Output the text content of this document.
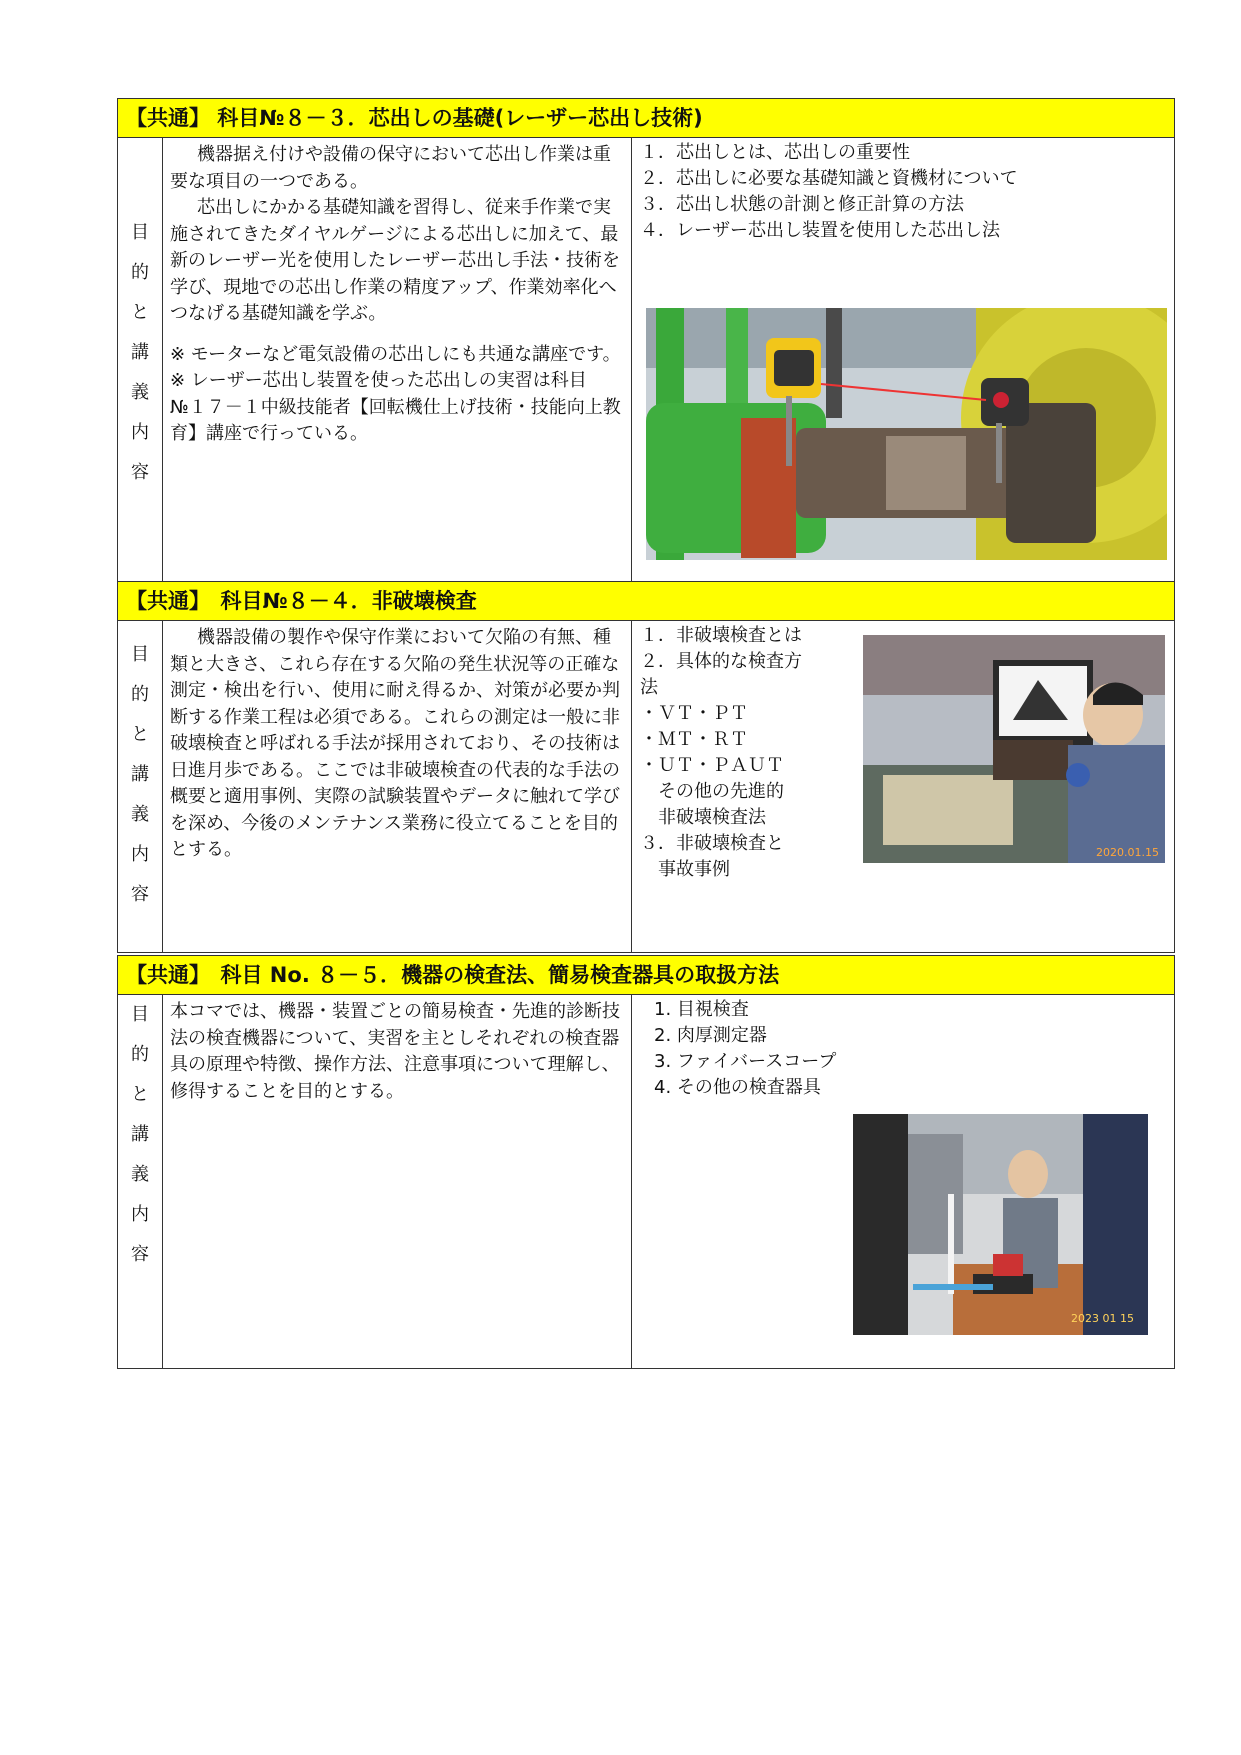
【共通】 科目№８－３．芯出しの基礎(レーザー芯出し技術)
目
的
と
講
義
内
容

機器据え付けや設備の保守において芯出し作業は重要な項目の一つである。

芯出しにかかる基礎知識を習得し、従来手作業で実施されてきたダイヤルゲージによる芯出しに加えて、最新のレーザー光を使用したレーザー芯出し手法・技術を学び、現地での芯出し作業の精度アップ、作業効率化へつなげる基礎知識を学ぶ。

※ モーターなど電気設備の芯出しにも共通な講座です。

※ レーザー芯出し装置を使った芯出しの実習は科目№１７－１中級技能者【回転機仕上げ技術・技能向上教育】講座で行っている。

１．芯出しとは、芯出しの重要性
２．芯出しに必要な基礎知識と資機材について
３．芯出し状態の計測と修正計算の方法
４．レーザー芯出し装置を使用した芯出し法
【共通】　科目№８－４．非破壊検査
目
的
と
講
義
内
容

機器設備の製作や保守作業において欠陥の有無、種類と大きさ、これら存在する欠陥の発生状況等の正確な測定・検出を行い、使用に耐え得るか、対策が必要か判断する作業工程は必須である。これらの測定は一般に非破壊検査と呼ばれる手法が採用されており、その技術は日進月歩である。ここでは非破壊検査の代表的な手法の概要と適用事例、実際の試験装置やデータに触れて学びを深め、今後のメンテナンス業務に役立てることを目的とする。

１．非破壊検査とは
２．具体的な検査方
法
・ＶＴ・ＰＴ
・ＭＴ・ＲＴ
・ＵＴ・ＰＡＵＴ
　その他の先進的
　非破壊検査法
３．非破壊検査と
　事故事例
2020.01.15
【共通】　科目 No. ８－５．機器の検査法、簡易検査器具の取扱方法
目
的
と
講
義
内
容

本コマでは、機器・装置ごとの簡易検査・先進的診断技法の検査機器について、実習を主としそれぞれの検査器具の原理や特徴、操作方法、注意事項について理解し、修得することを目的とする。

1. 目視検査
2. 肉厚測定器
3. ファイバースコープ
4. その他の検査器具
2023 01 15
